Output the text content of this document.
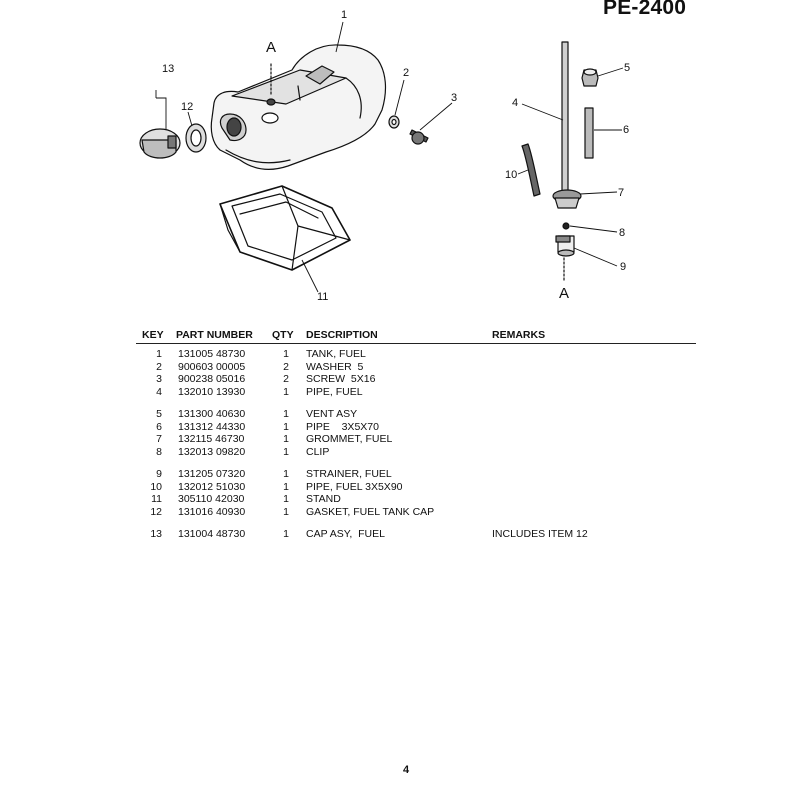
PE-2400
1
2
3	4
5
6
7
8
9
10
11
12
13
A
A
KEY PART NUMBER QTY DESCRIPTION	REMARKS
1 131005 48730	1	TANK, FUEL
2 900603 00005	2	WASHER  5
3 900238 05016	2	SCREW  5X16
4 132010 13930	1	PIPE, FUEL
5 131300 40630	1	VENT ASY
6 131312 44330	1	PIPE    3X5X70
7 132115 46730	1	GROMMET, FUEL
8 132013 09820	1	CLIP
9 131205 07320	1	STRAINER, FUEL
10 132012 51030	1	PIPE, FUEL 3X5X90
11 305110 42030	1	STAND
12 131016 40930	1	GASKET, FUEL TANK CAP
13 131004 48730	1	CAP ASY,  FUEL	INCLUDES ITEM 12
4
